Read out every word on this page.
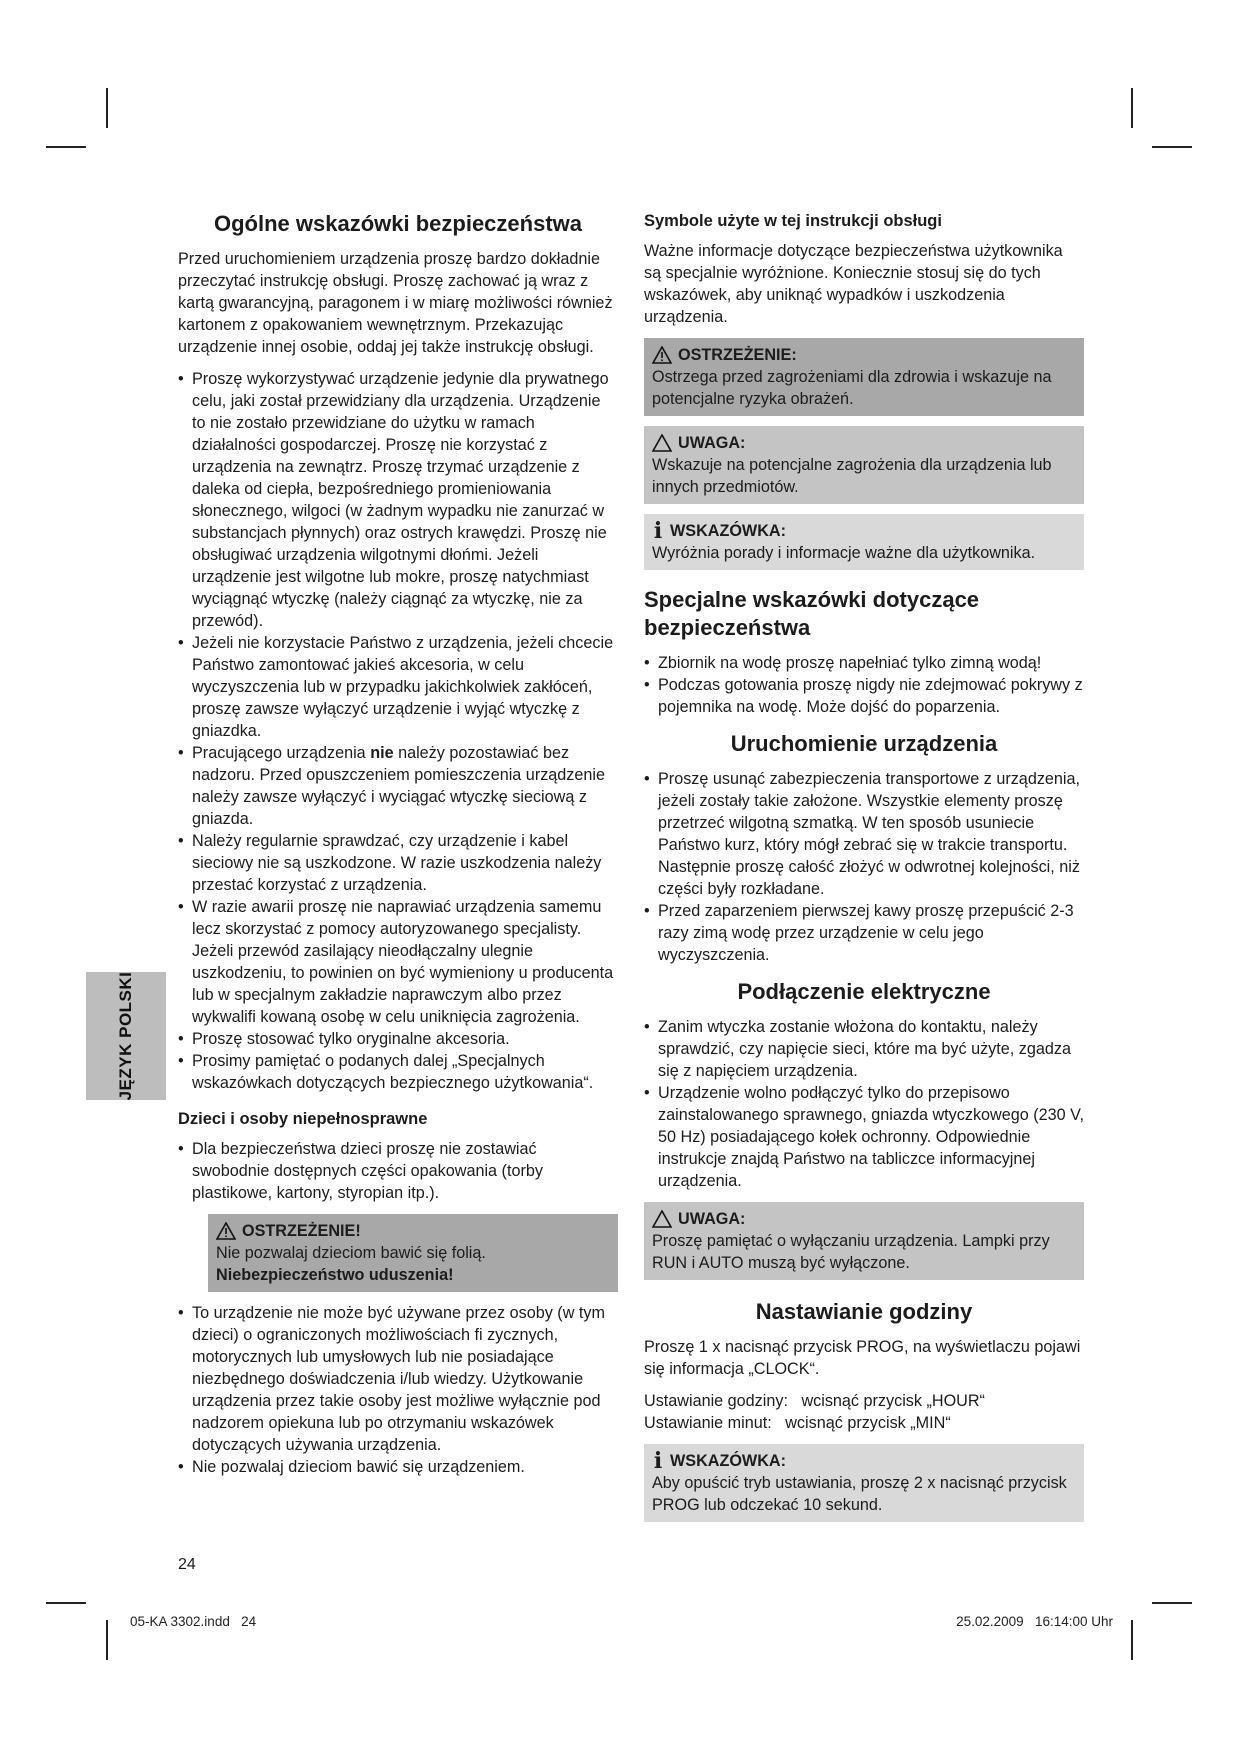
JĘZYK POLSKI
Ogólne wskazówki bezpieczeństwa

Przed uruchomieniem urządzenia proszę bardzo dokładnie przeczytać instrukcję obsługi. Proszę zachować ją wraz z kartą gwarancyjną, paragonem i w miarę możliwości również kartonem z opakowaniem wewnętrznym. Przekazując urządzenie innej osobie, oddaj jej także instrukcję obsługi.

• Proszę wykorzystywać urządzenie jedynie dla prywatnego celu, jaki został przewidziany dla urządzenia. Urządzenie to nie zostało przewidziane do użytku w ramach działalności gospodarczej. Proszę nie korzystać z urządzenia na zewnątrz. Proszę trzymać urządzenie z daleka od ciepła, bezpośredniego promieniowania słonecznego, wilgoci (w żadnym wypadku nie zanurzać w substancjach płynnych) oraz ostrych krawędzi. Proszę nie obsługiwać urządzenia wilgotnymi dłońmi. Jeżeli urządzenie jest wilgotne lub mokre, proszę natychmiast wyciągnąć wtyczkę (należy ciągnąć za wtyczkę, nie za przewód).
• Jeżeli nie korzystacie Państwo z urządzenia, jeżeli chcecie Państwo zamontować jakieś akcesoria, w celu wyczyszczenia lub w przypadku jakichkolwiek zakłóceń, proszę zawsze wyłączyć urządzenie i wyjąć wtyczkę z gniazdka.
• Pracującego urządzenia nie należy pozostawiać bez nadzoru. Przed opuszczeniem pomieszczenia urządzenie należy zawsze wyłączyć i wyciągać wtyczkę sieciową z gniazda.
• Należy regularnie sprawdzać, czy urządzenie i kabel sieciowy nie są uszkodzone. W razie uszkodzenia należy przestać korzystać z urządzenia.
• W razie awarii proszę nie naprawiać urządzenia samemu lecz skorzystać z pomocy autoryzowanego specjalisty. Jeżeli przewód zasilający nieodłączalny ulegnie uszkodzeniu, to powinien on być wymieniony u producenta lub w specjalnym zakładzie naprawczym albo przez wykwalifi kowaną osobę w celu uniknięcia zagrożenia.
• Proszę stosować tylko oryginalne akcesoria.
• Prosimy pamiętać o podanych dalej „Specjalnych wskazówkach dotyczących bezpiecznego użytkowania“.
Dzieci i osoby niepełnosprawne
• Dla bezpieczeństwa dzieci proszę nie zostawiać swobodnie dostępnych części opakowania (torby plastikowe, kartony, styropian itp.).
OSTRZEŻENIE!
Nie pozwalaj dzieciom bawić się folią.
Niebezpieczeństwo uduszenia!
• To urządzenie nie może być używane przez osoby (w tym dzieci) o ograniczonych możliwościach fi zycznych, motorycznych lub umysłowych lub nie posiadające niezbędnego doświadczenia i/lub wiedzy. Użytkowanie urządzenia przez takie osoby jest możliwe wyłącznie pod nadzorem opiekuna lub po otrzymaniu wskazówek dotyczących używania urządzenia.
• Nie pozwalaj dzieciom bawić się urządzeniem.
Symbole użyte w tej instrukcji obsługi

Ważne informacje dotyczące bezpieczeństwa użytkownika są specjalnie wyróżnione. Koniecznie stosuj się do tych wskazówek, aby uniknąć wypadków i uszkodzenia urządzenia.

OSTRZEŻENIE:
Ostrzega przed zagrożeniami dla zdrowia i wskazuje na potencjalne ryzyka obrażeń.
UWAGA:
Wskazuje na potencjalne zagrożenia dla urządzenia lub innych przedmiotów.
i WSKAZÓWKA:
Wyróżnia porady i informacje ważne dla użytkownika.
Specjalne wskazówki dotyczące bezpieczeństwa
• Zbiornik na wodę proszę napełniać tylko zimną wodą!
• Podczas gotowania proszę nigdy nie zdejmować pokrywy z pojemnika na wodę. Może dojść do poparzenia.
Uruchomienie urządzenia
• Proszę usunąć zabezpieczenia transportowe z urządzenia, jeżeli zostały takie założone. Wszystkie elementy proszę przetrzeć wilgotną szmatką. W ten sposób usuniecie Państwo kurz, który mógł zebrać się w trakcie transportu. Następnie proszę całość złożyć w odwrotnej kolejności, niż części były rozkładane.
• Przed zaparzeniem pierwszej kawy proszę przepuścić 2-3 razy zimą wodę przez urządzenie w celu jego wyczyszczenia.
Podłączenie elektryczne
• Zanim wtyczka zostanie włożona do kontaktu, należy sprawdzić, czy napięcie sieci, które ma być użyte, zgadza się z napięciem urządzenia.
• Urządzenie wolno podłączyć tylko do przepisowo zainstalowanego sprawnego, gniazda wtyczkowego (230 V, 50 Hz) posiadającego kołek ochronny. Odpowiednie instrukcje znajdą Państwo na tabliczce informacyjnej urządzenia.
UWAGA:
Proszę pamiętać o wyłączaniu urządzenia. Lampki przy RUN i AUTO muszą być wyłączone.
Nastawianie godziny

Proszę 1 x nacisnąć przycisk PROG, na wyświetlaczu pojawi się informacja „CLOCK“.

Ustawianie godziny:   wcisnąć przycisk „HOUR“
Ustawianie minut:   wcisnąć przycisk „MIN“
i WSKAZÓWKA:
Aby opuścić tryb ustawiania, proszę 2 x nacisnąć przycisk PROG lub odczekać 10 sekund.
24
05-KA 3302.indd   24	25.02.2009   16:14:00 Uhr
